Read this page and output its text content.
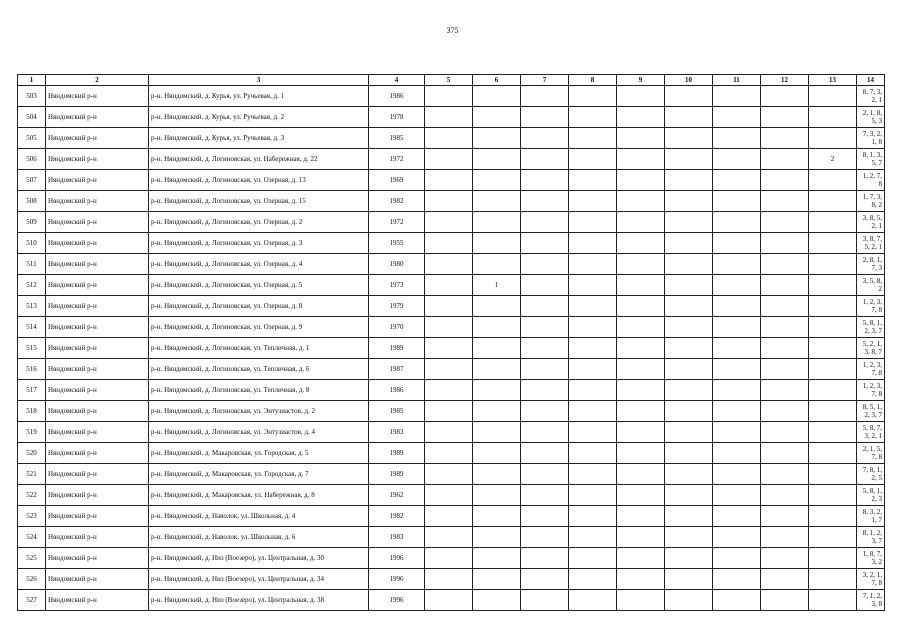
375
1	2	3	4	5	6	7	8	9	10	11	12	13	14
503	Няндомский р-н	р-н. Няндомский, д. Курья, ул. Ручьевая, д. 1	1986										8, 7, 3, 2, 1
504	Няндомский р-н	р-н. Няндомский, д. Курья, ул. Ручьевая, д. 2	1978										2, 1, 8, 5, 3
505	Няндомский р-н	р-н. Няндомский, д. Курья, ул. Ручьевая, д. 3	1985										7, 3, 2, 1, 8
506	Няндомский р-н	р-н. Няндомский, д. Логиновская, ул. Набережная, д. 22	1972									2	8, 1, 3, 5, 7
507	Няндомский р-н	р-н. Няндомский, д. Логиновская, ул. Озерная, д. 13	1969										1, 2, 7, 8
508	Няндомский р-н	р-н. Няндомский, д. Логиновская, ул. Озерная, д. 15	1982										1, 7, 3, 8, 2
509	Няндомский р-н	р-н. Няндомский, д. Логиновская, ул. Озерная, д. 2	1972										3, 8, 5, 2, 1
510	Няндомский р-н	р-н. Няндомский, д. Логиновская, ул. Озерная, д. 3	1955										3, 8, 7, 5, 2, 1
511	Няндомский р-н	р-н. Няндомский, д. Логиновская, ул. Озерная, д. 4	1980										2, 8, 1, 7, 3
512	Няндомский р-н	р-н. Няндомский, д. Логиновская, ул. Озерная, д. 5	1973		1								3, 5, 8, 2
513	Няндомский р-н	р-н. Няндомский, д. Логиновская, ул. Озерная, д. 8	1979										1, 2, 3, 7, 8
514	Няндомский р-н	р-н. Няндомский, д. Логиновская, ул. Озерная, д. 9	1970										5, 8, 1, 2, 3, 7
515	Няндомский р-н	р-н. Няндомский, д. Логиновская, ул. Тепличная, д. 1	1989										5, 2, 1, 3, 8, 7
516	Няндомский р-н	р-н. Няндомский, д. Логиновская, ул. Тепличная, д. 6	1987										1, 2, 3, 7, 8
517	Няндомский р-н	р-н. Няндомский, д. Логиновская, ул. Тепличная, д. 8	1986										1, 2, 3, 7, 8
518	Няндомский р-н	р-н. Няндомский, д. Логиновская, ул. Энтузиастов, д. 2	1985										8, 5, 1, 2, 3, 7
519	Няндомский р-н	р-н. Няндомский, д. Логиновская, ул. Энтузиастов, д. 4	1983										5, 8, 7, 3, 2, 1
520	Няндомский р-н	р-н. Няндомский, д. Макаровская, ул. Городская, д. 5	1989										2, 1, 5, 7, 8
521	Няндомский р-н	р-н. Няндомский, д. Макаровская, ул. Городская, д. 7	1989										7, 8, 1, 2, 5
522	Няндомский р-н	р-н. Няндомский, д. Макаровская, ул. Набережная, д. 8	1962										5, 8, 1, 2, 3
523	Няндомский р-н	р-н. Няндомский, д. Наволок, ул. Школьная, д. 4	1982										8, 3, 2, 1, 7
524	Няндомский р-н	р-н. Няндомский, д. Наволок, ул. Школьная, д. 6	1983										8, 1, 2, 3, 7
525	Няндомский р-н	р-н. Няндомский, д. Низ (Воезеро), ул. Центральная, д. 30	1996										1, 8, 7, 3, 2
526	Няндомский р-н	р-н. Няндомский, д. Низ (Воезеро), ул. Центральная, д. 34	1996										3, 2, 1, 7, 8
527	Няндомский р-н	р-н. Няндомский, д. Низ (Воезеро), ул. Центральная, д. 38	1996										7, 1, 2, 3, 8
